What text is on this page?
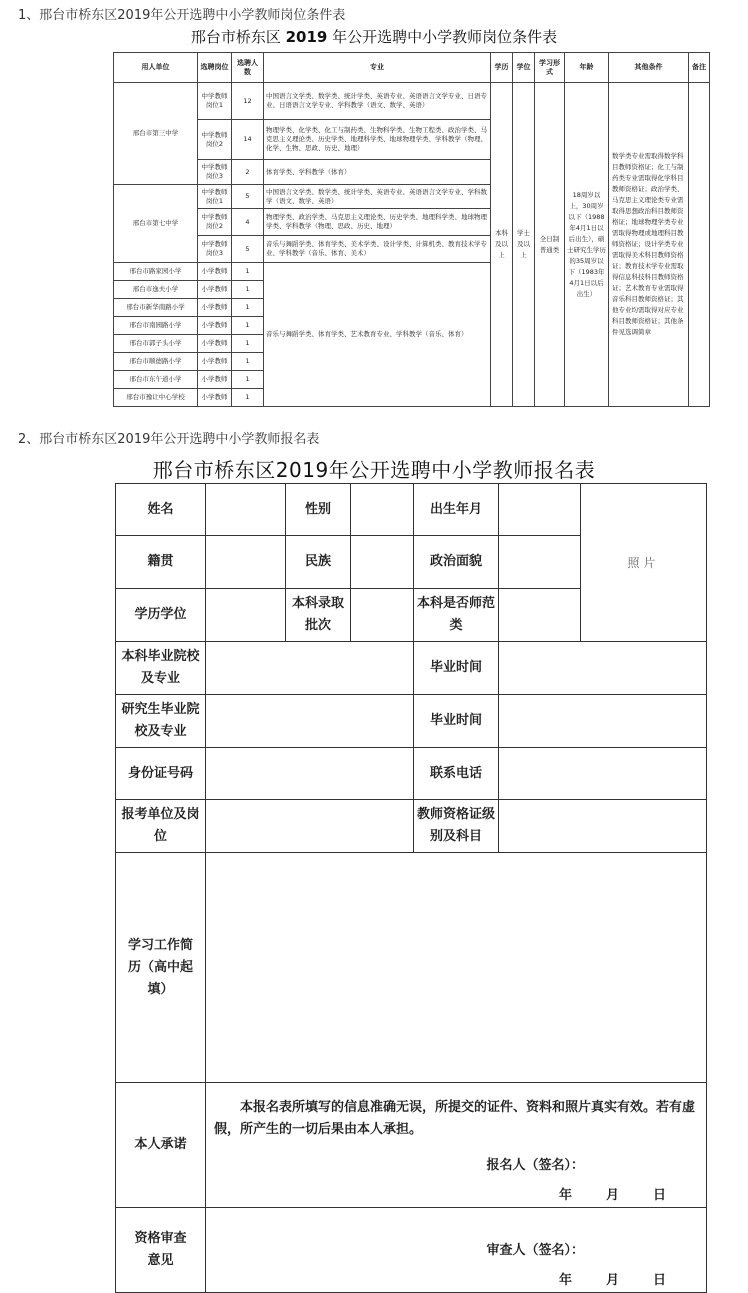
1、邢台市桥东区2019年公开选聘中小学教师岗位条件表
邢台市桥东区 2019 年公开选聘中小学教师岗位条件表
用人单位	选聘岗位	选聘人数	专业	学历	学位	学习形式	年龄	其他条件	备注
邢台市第三中学	中学教师岗位1	12	中国语言文学类、数学类、统计学类、英语专业、英语语言文学专业、日语专业、日语语言文学专业、学科教学（语文、数学、英语）	本科及以上	学士及以上	全日制普通类	18周岁以上，30周岁以下（1988年4月1日以后出生），硕士研究生学历的35周岁以下（1983年4月1日以后出生）	数学类专业需取得数学科目教师资格证；化工与制药类专业需取得化学科目教师资格证；政治学类、马克思主义理论类专业需取得思想政治科目教师资格证；地球物理学类专业需取得物理或地理科目教师资格证；设计学类专业需取得美术科目教师资格证；教育技术学专业需取得信息科技科目教师资格证；艺术教育专业需取得音乐科目教师资格证；其他专业均需取得对应专业科目教师资格证；其他条件见选调简章	
	中学教师岗位2	14	物理学类、化学类、化工与制药类、生物科学类、生物工程类、政治学类、马克思主义理论类、历史学类、地理科学类、地球物理学类、学科教学（物理、化学、生物、思政、历史、地理）						
	中学教师岗位3	2	体育学类、学科教学（体育）						
邢台市第七中学	中学教师岗位1	5	中国语言文学类、数学类、统计学类、英语专业、英语语言文学专业、学科数学（语文、数学、英语）						
	中学教师岗位2	4	物理学类、政治学类、马克思主义理论类、历史学类、地理科学类、地球物理学类、学科教学（物理、思政、历史、地理）						
	中学教师岗位3	5	音乐与舞蹈学类、体育学类、美术学类、设计学类、计算机类、教育技术学专业、学科教学（音乐、体育、美术）						
邢台市路家园小学	小学教师	1	音乐与舞蹈学类、体育学类、艺术教育专业、学科教学（音乐、体育）						
邢台市逸夫小学	小学教师	1							
邢台市新华南路小学	小学教师	1							
邢台市南园路小学	小学教师	1							
邢台市郭子头小学	小学教师	1							
邢台市顺德路小学	小学教师	1							
邢台市东午道小学	小学教师	1							
邢台市豫让中心学校	小学教师	1							
2、邢台市桥东区2019年公开选聘中小学教师报名表
邢台市桥东区2019年公开选聘中小学教师报名表
姓名		性别		出生年月		照片
籍贯		民族		政治面貌		
学历学位		本科录取批次		本科是否师范类		
本科毕业院校及专业				毕业时间		
研究生毕业院校及专业				毕业时间		
身份证号码				联系电话		
报考单位及岗位				教师资格证级别及科目		
学习工作简历（高中起填）						
本人承诺	本报名表所填写的信息准确无误，所提交的证件、资料和照片真实有效。若有虚假，所产生的一切后果由本人承担。
报名人（签名）：
年 月 日					

资格审查意见	审查人（签名）：
年 月 日					
